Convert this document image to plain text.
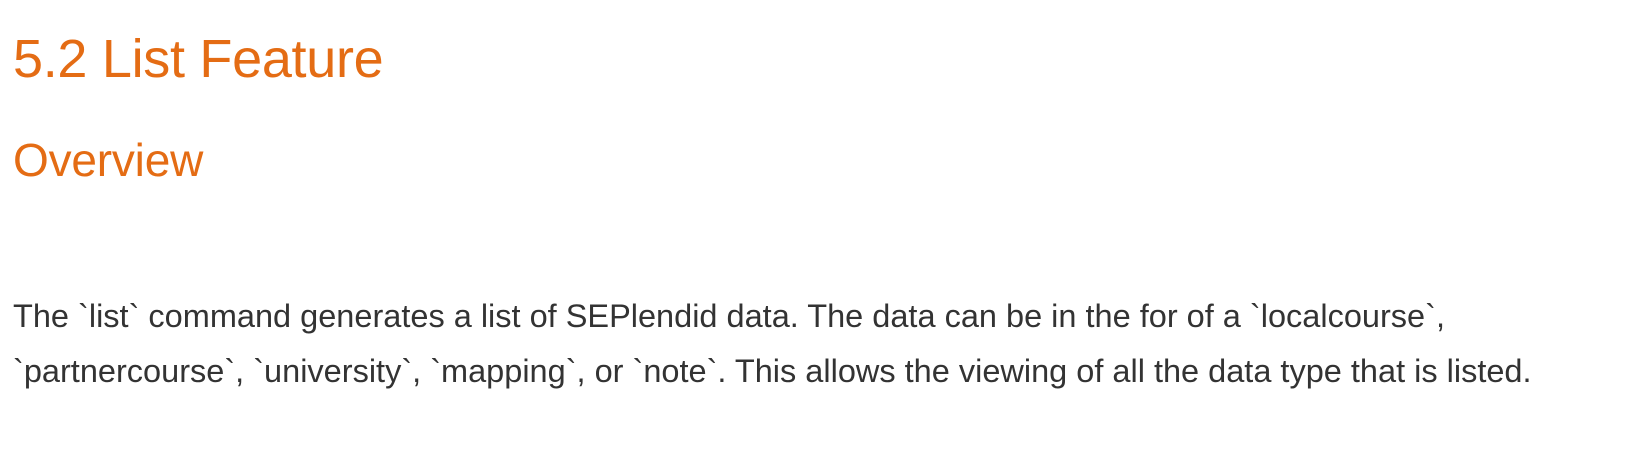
5.2 List Feature
Overview

The `list` command generates a list of SEPlendid data. The data can be in the for of a `localcourse`, `partnercourse`, `university`, `mapping`, or `note`. This allows the viewing of all the data type that is listed.
